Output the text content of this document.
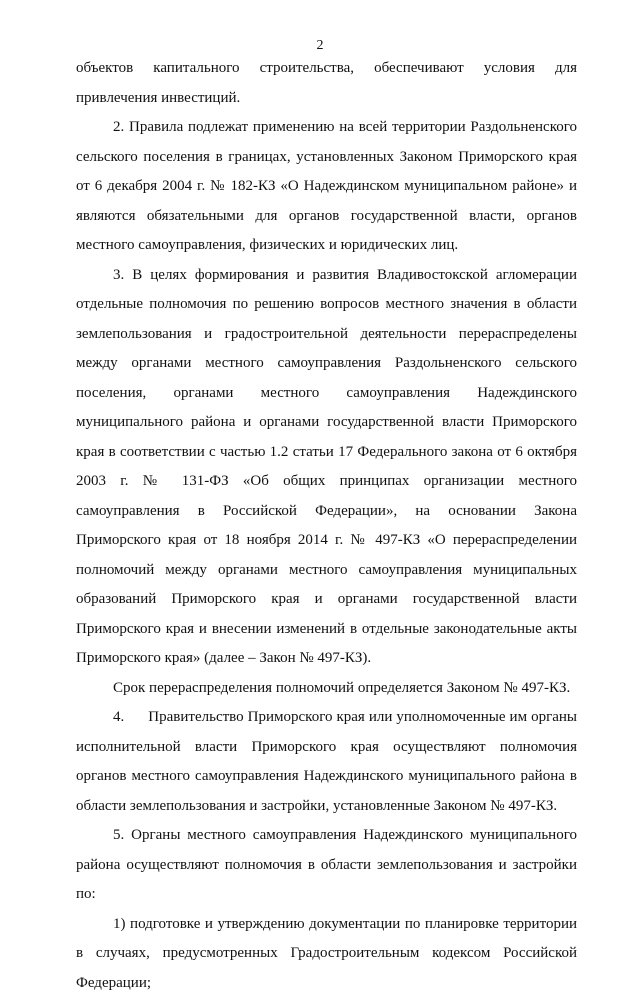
2

объектов капитального строительства, обеспечивают условия для привлечения инвестиций.

2. Правила подлежат применению на всей территории Раздольненского сельского поселения в границах, установленных Законом Приморского края от 6 декабря 2004 г. № 182-КЗ «О Надеждинском муниципальном районе» и являются обязательными для органов государственной власти, органов местного самоуправления, физических и юридических лиц.

3. В целях формирования и развития Владивостокской агломерации отдельные полномочия по решению вопросов местного значения в области землепользования и градостроительной деятельности перераспределены между органами местного самоуправления Раздольненского сельского поселения, органами местного самоуправления Надеждинского муниципального района и органами государственной власти Приморского края в соответствии с частью 1.2 статьи 17 Федерального закона от 6 октября 2003 г. № 131-ФЗ «Об общих принципах организации местного самоуправления в Российской Федерации», на основании Закона Приморского края от 18 ноября 2014 г. № 497-КЗ «О перераспределении полномочий между органами местного самоуправления муниципальных образований Приморского края и органами государственной власти Приморского края и внесении изменений в отдельные законодательные акты Приморского края» (далее – Закон № 497-КЗ).

Срок перераспределения полномочий определяется Законом № 497-КЗ.

4.      Правительство Приморского края или уполномоченные им органы исполнительной власти Приморского края осуществляют полномочия органов местного самоуправления Надеждинского муниципального района в области землепользования и застройки, установленные Законом № 497-КЗ.

5. Органы местного самоуправления Надеждинского муниципального района осуществляют полномочия в области землепользования и застройки по:

1) подготовке и утверждению документации по планировке территории в случаях, предусмотренных Градостроительным кодексом Российской Федерации;
